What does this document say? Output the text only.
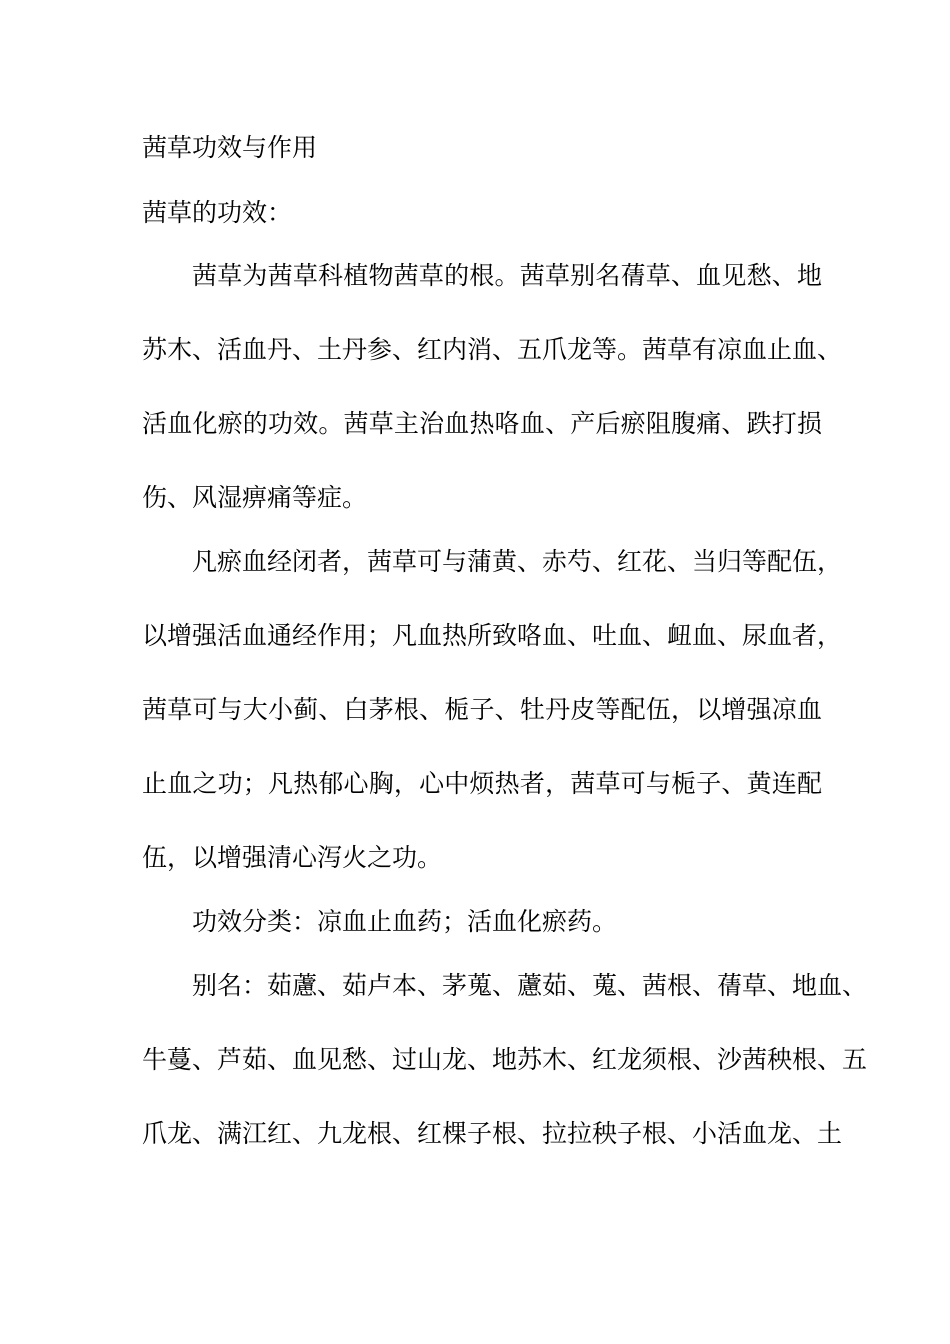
茜草功效与作用
茜草的功效：
茜草为茜草科植物茜草的根。茜草别名蒨草、血见愁、地
苏木、活血丹、土丹参、红内消、五爪龙等。茜草有凉血止血、
活血化瘀的功效。茜草主治血热咯血、产后瘀阻腹痛、跌打损
伤、风湿痹痛等症。
凡瘀血经闭者，茜草可与蒲黄、赤芍、红花、当归等配伍，
以增强活血通经作用；凡血热所致咯血、吐血、衄血、尿血者，
茜草可与大小蓟、白茅根、栀子、牡丹皮等配伍，以增强凉血
止血之功；凡热郁心胸，心中烦热者，茜草可与栀子、黄连配
伍，以增强清心泻火之功。
功效分类：凉血止血药；活血化瘀药。
别名：茹藘、茹卢本、茅蒐、藘茹、蒐、茜根、蒨草、地血、
牛蔓、芦茹、血见愁、过山龙、地苏木、红龙须根、沙茜秧根、五
爪龙、满江红、九龙根、红棵子根、拉拉秧子根、小活血龙、土
